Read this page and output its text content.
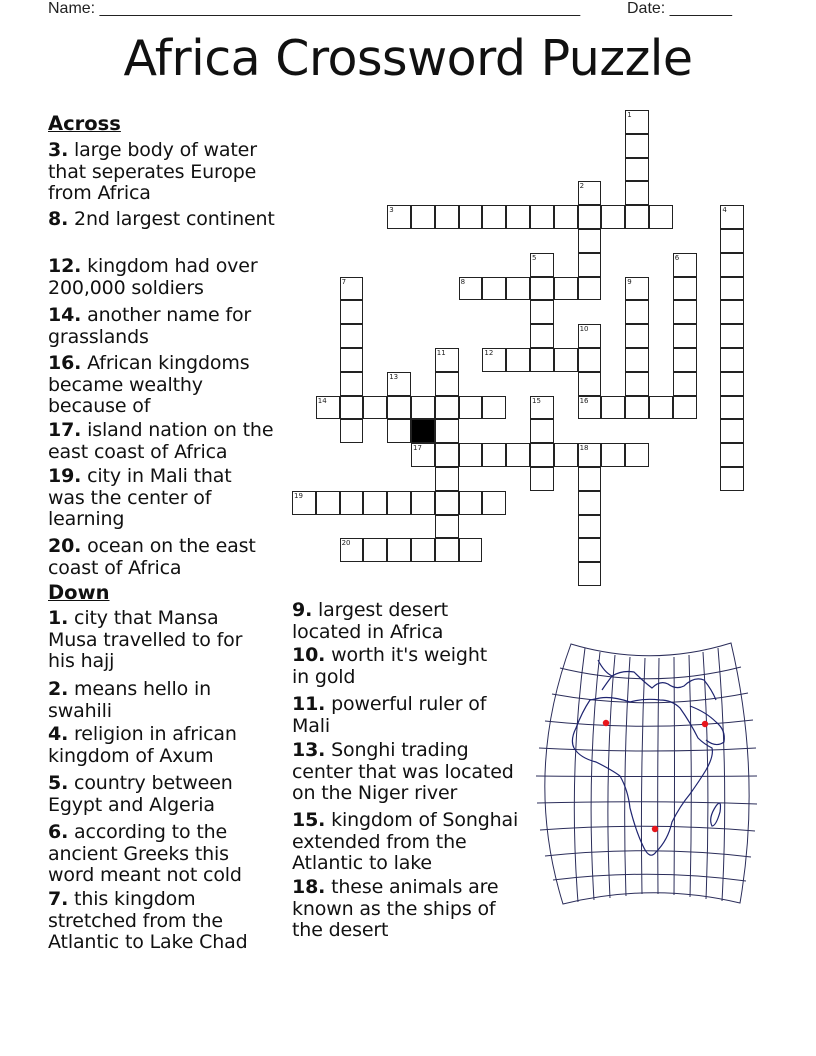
Name: ______________________________________________________	Date: _______
Africa Crossword Puzzle
1
2
3	4
5	6
7	8	9
10
16
11	12
13
14	15
17	18
19
20
Across
3. large body of water that seperates Europe from Africa
8. 2nd largest continent
12. kingdom had over 200,000 soldiers
14. another name for grasslands
16. African kingdoms became wealthy because of
17. island nation on the east coast of Africa
19. city in Mali that was the center of learning
20. ocean on the east coast of Africa
Down
1. city that Mansa Musa travelled to for his hajj
2. means hello in swahili
4. religion in african kingdom of Axum
5. country between Egypt and Algeria
6. according to the ancient Greeks this word meant not cold
7. this kingdom stretched from the Atlantic to Lake Chad
9. largest desert located in Africa
10. worth it's weight in gold
11. powerful ruler of Mali
13. Songhi trading center that was located on the Niger river
15. kingdom of Songhai extended from the Atlantic to lake
18. these animals are known as the ships of the desert
